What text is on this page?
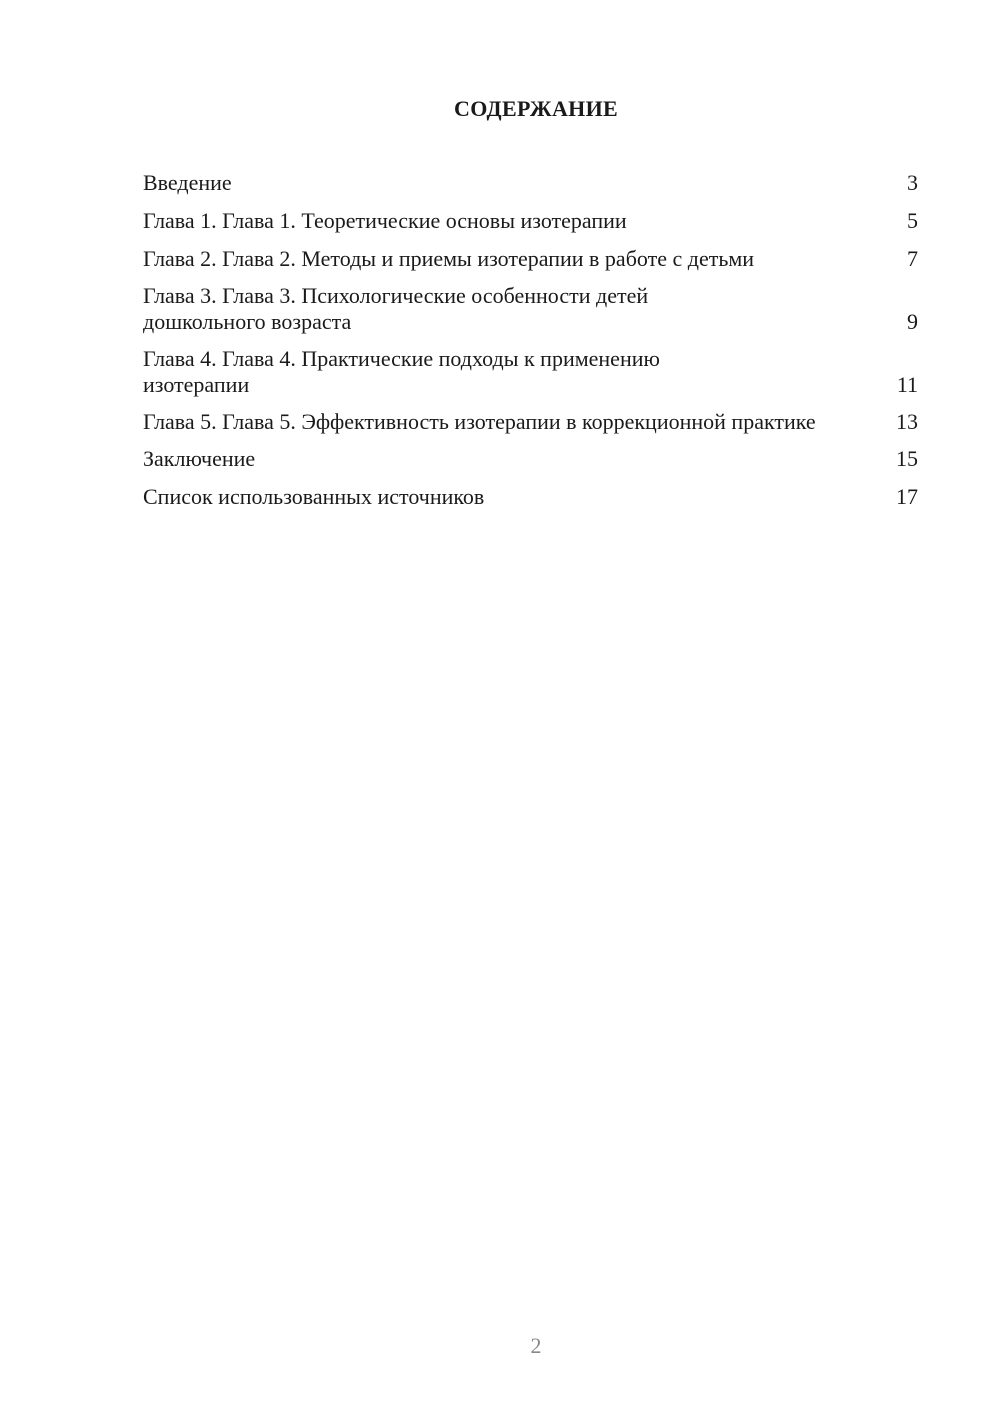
СОДЕРЖАНИЕ
Введение	3
Глава 1. Глава 1. Теоретические основы изотерапии	5
Глава 2. Глава 2. Методы и приемы изотерапии в работе с детьми	7
Глава 3. Глава 3. Психологические особенности детей дошкольного возраста	9
Глава 4. Глава 4. Практические подходы к применению изотерапии	11
Глава 5. Глава 5. Эффективность изотерапии в коррекционной практике	13
Заключение	15
Список использованных источников	17
2
